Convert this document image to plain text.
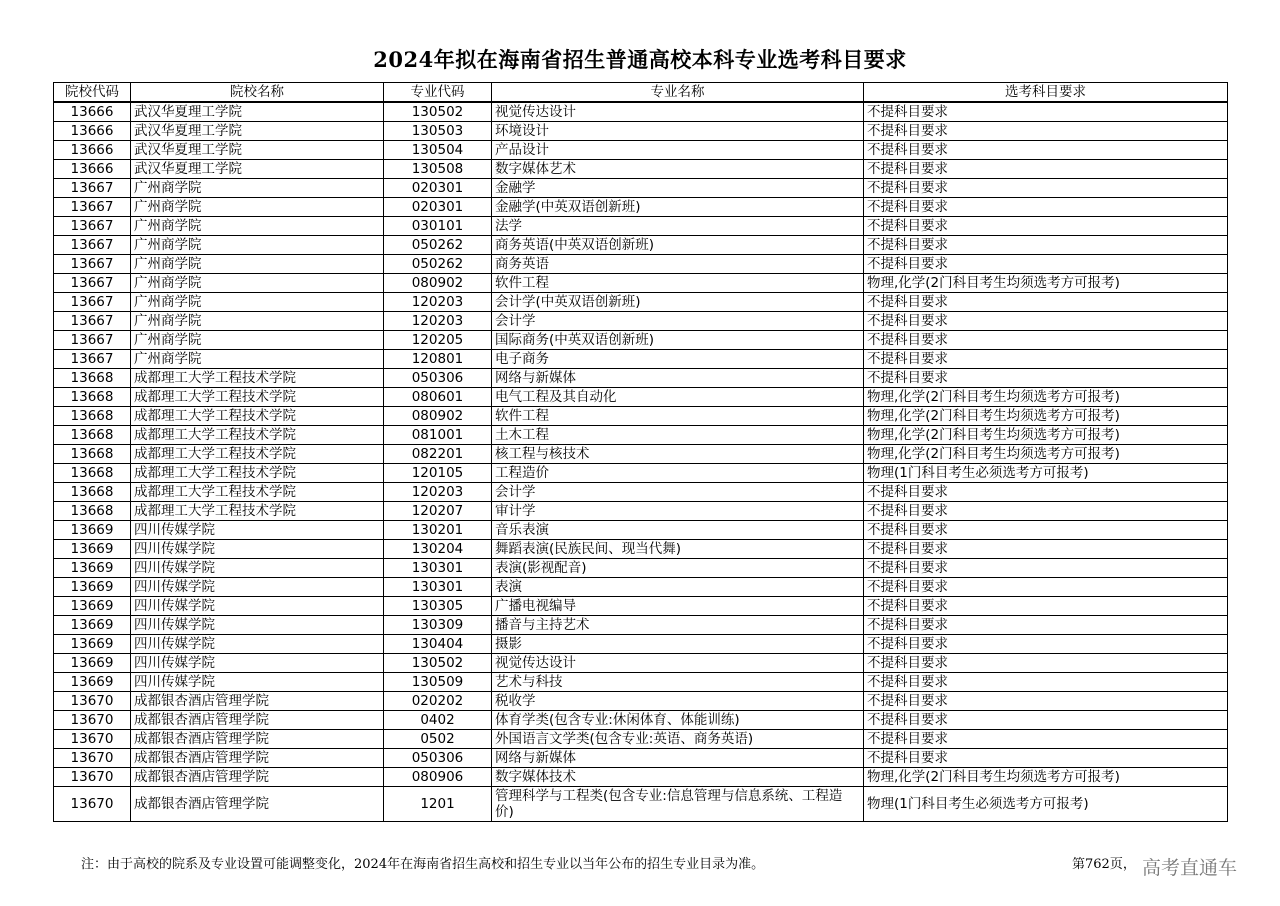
2024年拟在海南省招生普通高校本科专业选考科目要求
院校代码	院校名称	专业代码	专业名称	选考科目要求
13666	武汉华夏理工学院	130502	视觉传达设计	不提科目要求
13666	武汉华夏理工学院	130503	环境设计	不提科目要求
13666	武汉华夏理工学院	130504	产品设计	不提科目要求
13666	武汉华夏理工学院	130508	数字媒体艺术	不提科目要求
13667	广州商学院	020301	金融学	不提科目要求
13667	广州商学院	020301	金融学(中英双语创新班)	不提科目要求
13667	广州商学院	030101	法学	不提科目要求
13667	广州商学院	050262	商务英语(中英双语创新班)	不提科目要求
13667	广州商学院	050262	商务英语	不提科目要求
13667	广州商学院	080902	软件工程	物理,化学(2门科目考生均须选考方可报考)
13667	广州商学院	120203	会计学(中英双语创新班)	不提科目要求
13667	广州商学院	120203	会计学	不提科目要求
13667	广州商学院	120205	国际商务(中英双语创新班)	不提科目要求
13667	广州商学院	120801	电子商务	不提科目要求
13668	成都理工大学工程技术学院	050306	网络与新媒体	不提科目要求
13668	成都理工大学工程技术学院	080601	电气工程及其自动化	物理,化学(2门科目考生均须选考方可报考)
13668	成都理工大学工程技术学院	080902	软件工程	物理,化学(2门科目考生均须选考方可报考)
13668	成都理工大学工程技术学院	081001	土木工程	物理,化学(2门科目考生均须选考方可报考)
13668	成都理工大学工程技术学院	082201	核工程与核技术	物理,化学(2门科目考生均须选考方可报考)
13668	成都理工大学工程技术学院	120105	工程造价	物理(1门科目考生必须选考方可报考)
13668	成都理工大学工程技术学院	120203	会计学	不提科目要求
13668	成都理工大学工程技术学院	120207	审计学	不提科目要求
13669	四川传媒学院	130201	音乐表演	不提科目要求
13669	四川传媒学院	130204	舞蹈表演(民族民间、现当代舞)	不提科目要求
13669	四川传媒学院	130301	表演(影视配音)	不提科目要求
13669	四川传媒学院	130301	表演	不提科目要求
13669	四川传媒学院	130305	广播电视编导	不提科目要求
13669	四川传媒学院	130309	播音与主持艺术	不提科目要求
13669	四川传媒学院	130404	摄影	不提科目要求
13669	四川传媒学院	130502	视觉传达设计	不提科目要求
13669	四川传媒学院	130509	艺术与科技	不提科目要求
13670	成都银杏酒店管理学院	020202	税收学	不提科目要求
13670	成都银杏酒店管理学院	0402	体育学类(包含专业:休闲体育、体能训练)	不提科目要求
13670	成都银杏酒店管理学院	0502	外国语言文学类(包含专业:英语、商务英语)	不提科目要求
13670	成都银杏酒店管理学院	050306	网络与新媒体	不提科目要求
13670	成都银杏酒店管理学院	080906	数字媒体技术	物理,化学(2门科目考生均须选考方可报考)
13670	成都银杏酒店管理学院	1201	管理科学与工程类(包含专业:信息管理与信息系统、工程造价)	物理(1门科目考生必须选考方可报考)
注：由于高校的院系及专业设置可能调整变化，2024年在海南省招生高校和招生专业以当年公布的招生专业目录为准。	第762页， 高考直通车
